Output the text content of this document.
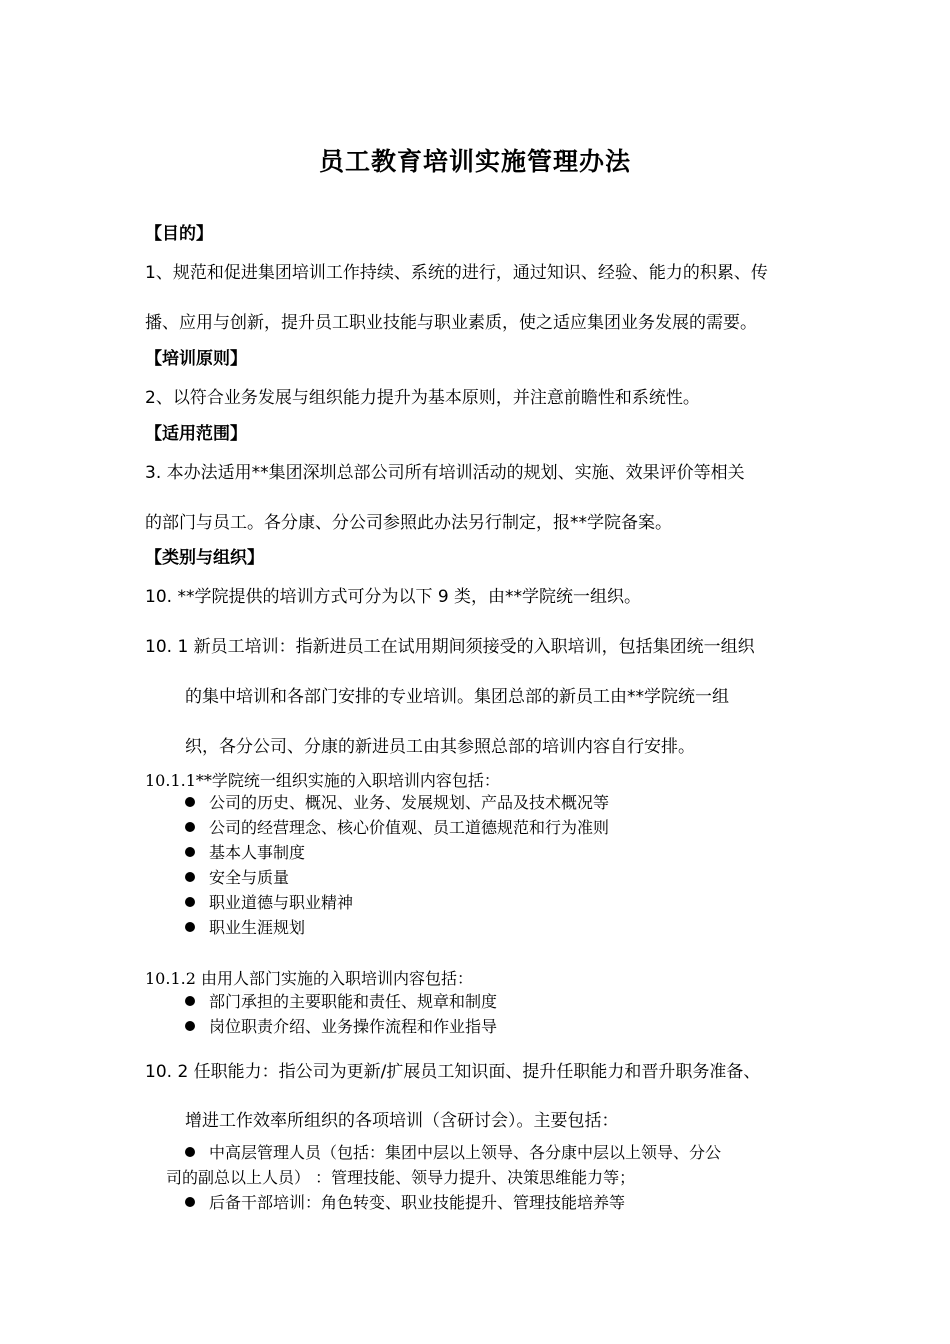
员工教育培训实施管理办法
【目的】
1、规范和促进集团培训工作持续、系统的进行，通过知识、经验、能力的积累、传
播、应用与创新，提升员工职业技能与职业素质，使之适应集团业务发展的需要。
【培训原则】
2、以符合业务发展与组织能力提升为基本原则，并注意前瞻性和系统性。
【适用范围】
3. 本办法适用**集团深圳总部公司所有培训活动的规划、实施、效果评价等相关
的部门与员工。各分康、分公司参照此办法另行制定，报**学院备案。
【类别与组织】
10. **学院提供的培训方式可分为以下 9 类，由**学院统一组织。
10. 1 新员工培训：指新进员工在试用期间须接受的入职培训，包括集团统一组织
的集中培训和各部门安排的专业培训。集团总部的新员工由**学院统一组
织，各分公司、分康的新进员工由其参照总部的培训内容自行安排。
10.1.1**学院统一组织实施的入职培训内容包括：
公司的历史、概况、业务、发展规划、产品及技术概况等
公司的经营理念、核心价值观、员工道德规范和行为准则
基本人事制度
安全与质量
职业道德与职业精神
职业生涯规划
10.1.2 由用人部门实施的入职培训内容包括：
部门承担的主要职能和责任、规章和制度
岗位职责介绍、业务操作流程和作业指导
10. 2 任职能力：指公司为更新/扩展员工知识面、提升任职能力和晋升职务准备、
增进工作效率所组织的各项培训（含研讨会）。主要包括：
中高层管理人员（包括：集团中层以上领导、各分康中层以上领导、分公
司的副总以上人员） ：管理技能、领导力提升、决策思维能力等；
后备干部培训：角色转变、职业技能提升、管理技能培养等
